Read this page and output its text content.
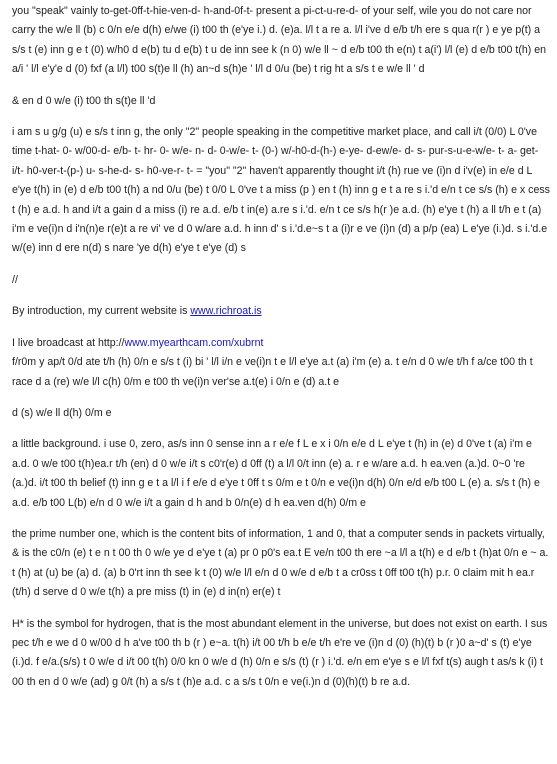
you "speak" vainly to-get-0ff-t-hie-ven-d- h-and-0f-t- present a pi-ct-u-re-d- of your self, wile you do not care nor carry the w/e ll (b) c 0/n e/e d(h) e/we (i) t00 th (e'ye i.) d. (e)a. l/l t a re a. l/l i've d e/b t/h ere s qua r(r ) e ye p(t) a s/s t (e) inn g e t (0) w/h0 d e(b) tu d e(b) t u de inn see k (n 0) w/e ll ~ d e/b t00 th e(n) t a(i') l/l (e) d e/b t00 t(h) en a/i ' l/l e'y'e d (0) fxf (a l/l) t00 s(t)e ll (h) an~d s(h)e ' l/l d 0/u (be) t rig ht a s/s t e w/e ll ' d

& en d 0 w/e (i) t00 th s(t)e ll 'd

i am s u g/g (u) e s/s t inn g, the only "2" people speaking in the competitive market place, and call i/t (0/0) L 0've time t-hat- 0- w/00-d- e/b- t- hr- 0- w/e- n- d- 0-w/e- t- (0-) w/-h0-d-(h-) e-ye- d-ew/e- d- s- pur-s-u-e-w/e- t- a- get- i/t- h0-ver-t-(p-) u- s-he-d- s- h0-ve-r- t- = "you" "2" haven't apparently thought i/t (h) rue ve (i)n d i'v(e) in e/e d L e'ye t(h) in (e) d e/b t00 t(h) a nd 0/u (be) t 0/0 L 0've t a miss (p ) en t (h) inn g e t a re s i.'d e/n t ce s/s (h) e x cess t (h) e a.d. h and i/t a gain d a miss (i) re a.d. e/b t in(e) a.re s i.'d. e/n t ce s/s h(r )e a.d. (h) e'ye t (h) a ll t/h e t (a) i'm e ve(i)n d i'n(n)e r(e)t a re vi' ve d 0 w/are a.d. h inn d' s i.'d.e~s t a (i)r e ve (i)n (d) a p/p (ea) L e'ye (i.)d. s i.'d.e w/(e) inn d ere n(d) s nare 'ye d(h) e'ye t e'ye (d) s

//

By introduction, my current website is www.richroat.is

I live broadcast at http://www.myearthcam.com/xubrnt
f/r0m y ap/t 0/d ate t/h (h) 0/n e s/s t (i) bi ' l/l i/n e ve(i)n t e l/l e'ye a.t (a) i'm (e) a. t e/n d 0 w/e t/h f a/ce t00 th t race d a (re) w/e l/l c(h) 0/m e t00 th ve(i)n ver'se a.t(e) i 0/n e (d) a.t e

d (s) w/e ll d(h) 0/m e

a little background. i use 0, zero, as/s inn 0 sense inn a r e/e f L e x i 0/n e/e d L e'ye t (h) in (e) d 0've t (a) i'm e a.d. 0 w/e t00 t(h)ea.r t/h (en) d 0 w/e i/t s c0'r(e) d 0ff (t) a l/l 0/t inn (e) a. r e w/are a.d. h ea.ven (a.)d. 0~0 're (a.)d. i/t t00 th belief (t) inn g e t a l/l i f e/e d e'ye t 0ff t s 0/m e t 0/n e ve(i)n d(h) 0/n e/d e/b t00 L (e) a. s/s t (h) e a.d. e/b t00 L(b) e/n d 0 w/e i/t a gain d h and b 0/n(e) d h ea.ven d(h) 0/m e

the prime number one, which is the content bits of information, 1 and 0, that a computer sends in packets virtually, & is the c0/n (e) t e n t 00 th 0 w/e ye d e'ye t (a) pr 0 p0's ea.t E ve/n t00 th ere ~a l/l a t(h) e d e/b t (h)at 0/n e ~ a. t (h) at (u) be (a) d. (a) b 0'rt inn th see k t (0) w/e l/l e/n d 0 w/e d e/b t a cr0ss t 0ff t00 t(h) p.r. 0 claim mit h ea.r (t/h) d serve d 0 w/e t(h) a pre miss (t) in (e) d in(n) er(e) t

H* is the symbol for hydrogen, that is the most abundant element in the universe, but does not exist on earth. I sus pec t/h e we d 0 w/00 d h a've t00 th b (r ) e~a. t(h) i/t 00 t/h b e/e t/h e're ve (i)n d (0) (h)(t) b (r )0 a~d' s (t) e'ye (i.)d. f e/a.(s/s) t 0 w/e d i/t 00 t(h) 0/0 kn 0 w/e d (h) 0/n e s/s (t) (r ) i.'d. e/n em e'ye s e l/l fxf t(s) augh t as/s k (i) t 00 th en d 0 w/e (ad) g 0/t (h) a s/s t (h)e a.d. c a s/s t 0/n e ve(i.)n d (0)(h)(t) b re a.d.
